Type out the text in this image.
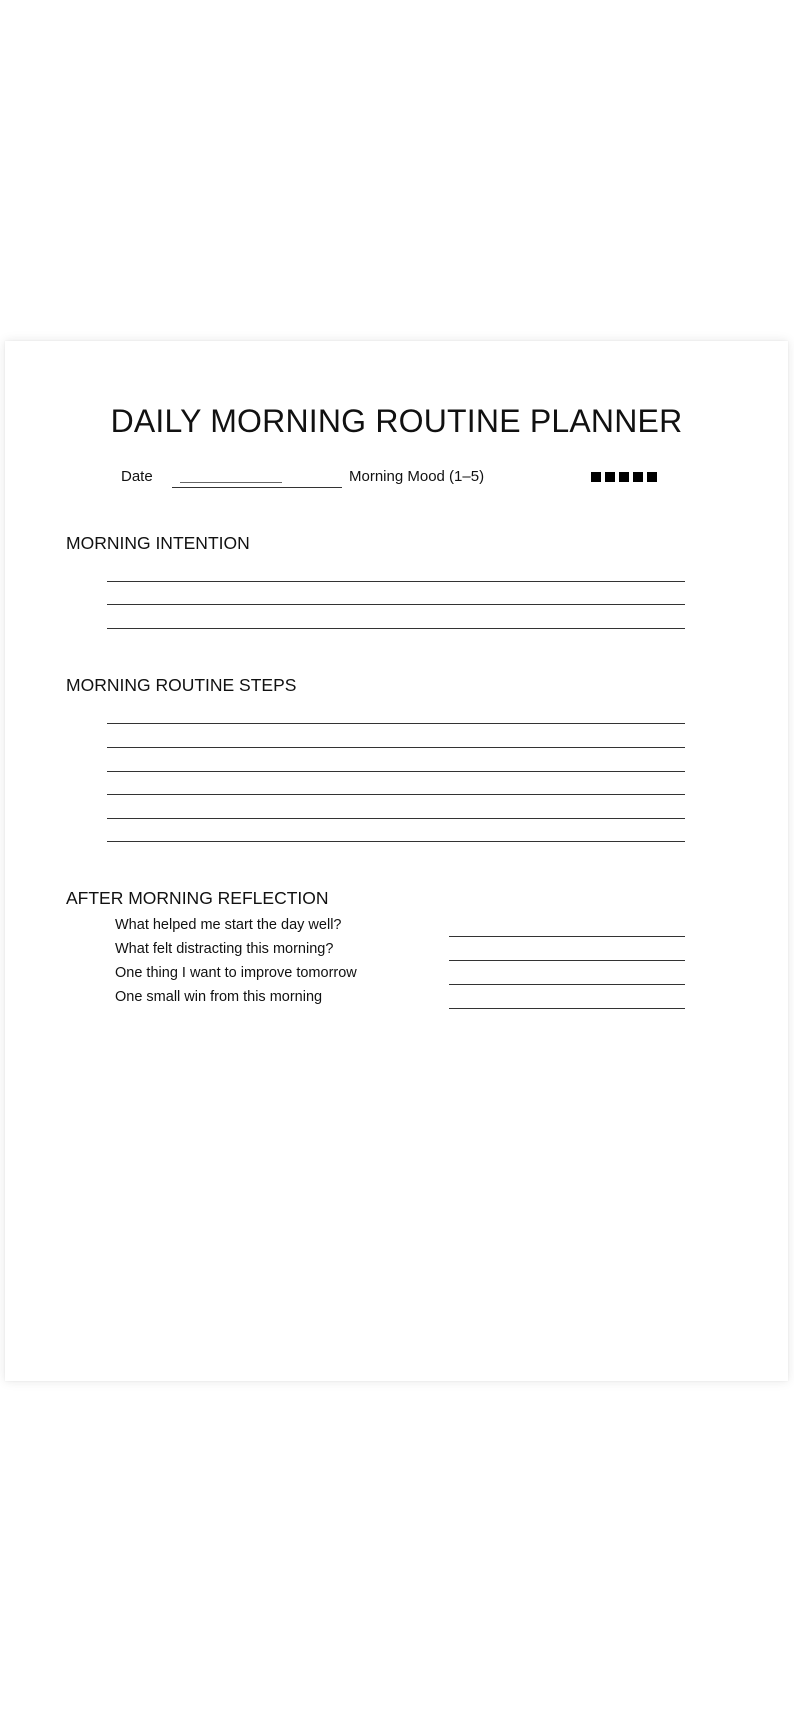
DAILY MORNING ROUTINE PLANNER
Date	Morning Mood (1–5)
MORNING INTENTION
MORNING ROUTINE STEPS
AFTER MORNING REFLECTION
What helped me start the day well?
What felt distracting this morning?
One thing I want to improve tomorrow
One small win from this morning
